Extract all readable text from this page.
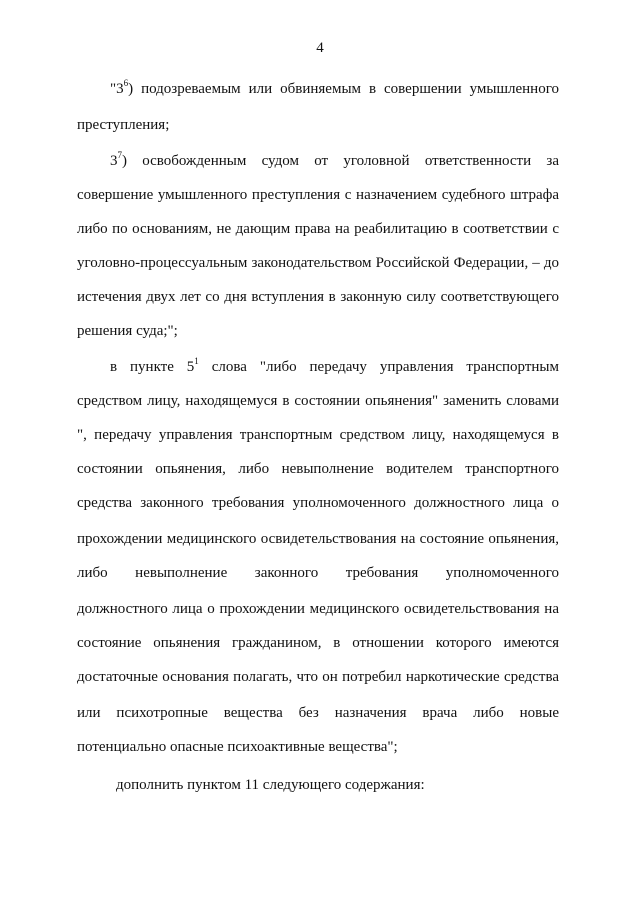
4
"$3^6$) подозреваемым или обвиняемым в совершении умышленного
преступления;
$3^7$) освобожденным судом от уголовной ответственности за
совершение умышленного преступления с назначением судебного штрафа
либо по основаниям, не дающим права на реабилитацию в соответствии с
уголовно-процессуальным законодательством Российской Федерации, – до
истечения двух лет со дня вступления в законную силу соответствующего
решения суда;";
в пункте $5^1$ слова "либо передачу управления транспортным
средством лицу, находящемуся в состоянии опьянения" заменить словами
", передачу управления транспортным средством лицу, находящемуся в
состоянии опьянения, либо невыполнение водителем транспортного
средства законного требования уполномоченного должностного лица о
прохождении медицинского освидетельствования на состояние опьянения,
либо невыполнение законного требования уполномоченного
должностного лица о прохождении медицинского освидетельствования на
состояние опьянения гражданином, в отношении которого имеются
достаточные основания полагать, что он потребил наркотические средства
или психотропные вещества без назначения врача либо новые
потенциально опасные психоактивные вещества";
дополнить пунктом 11 следующего содержания:
